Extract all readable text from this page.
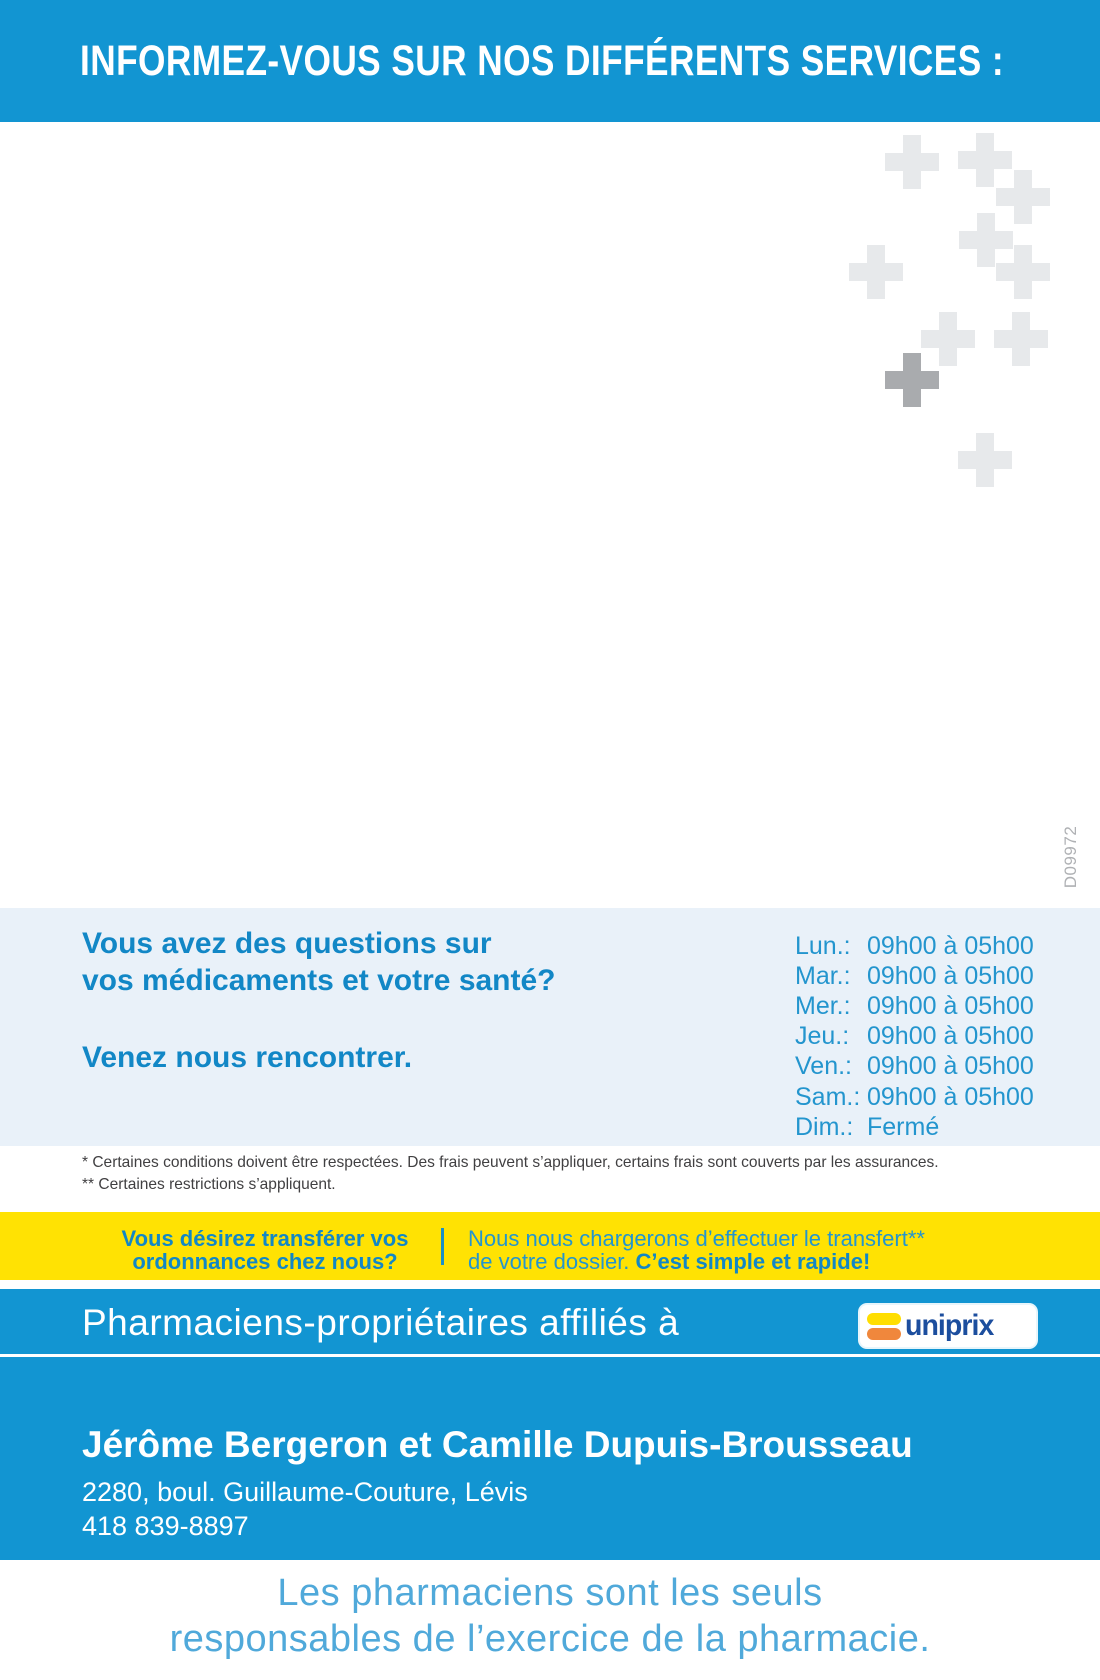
INFORMEZ-VOUS SUR NOS DIFFÉRENTS SERVICES :
D09972
Vous avez des questions sur
vos médicaments et votre santé?
Venez nous rencontrer.
Lun.: 09h00 à 05h00
Mar.: 09h00 à 05h00
Mer.: 09h00 à 05h00
Jeu.: 09h00 à 05h00
Ven.: 09h00 à 05h00
Sam.: 09h00 à 05h00
Dim.: Fermé
* Certaines conditions doivent être respectées. Des frais peuvent s’appliquer, certains frais sont couverts par les assurances.
** Certaines restrictions s’appliquent.
Vous désirez transférer vos
ordonnances chez nous?
Nous nous chargerons d’effectuer le transfert**
de votre dossier. C’est simple et rapide!
Pharmaciens-propriétaires affiliés à	uniprix
Jérôme Bergeron et Camille Dupuis-Brousseau
2280, boul. Guillaume-Couture, Lévis
418 839-8897
Les pharmaciens sont les seuls
responsables de l’exercice de la pharmacie.
